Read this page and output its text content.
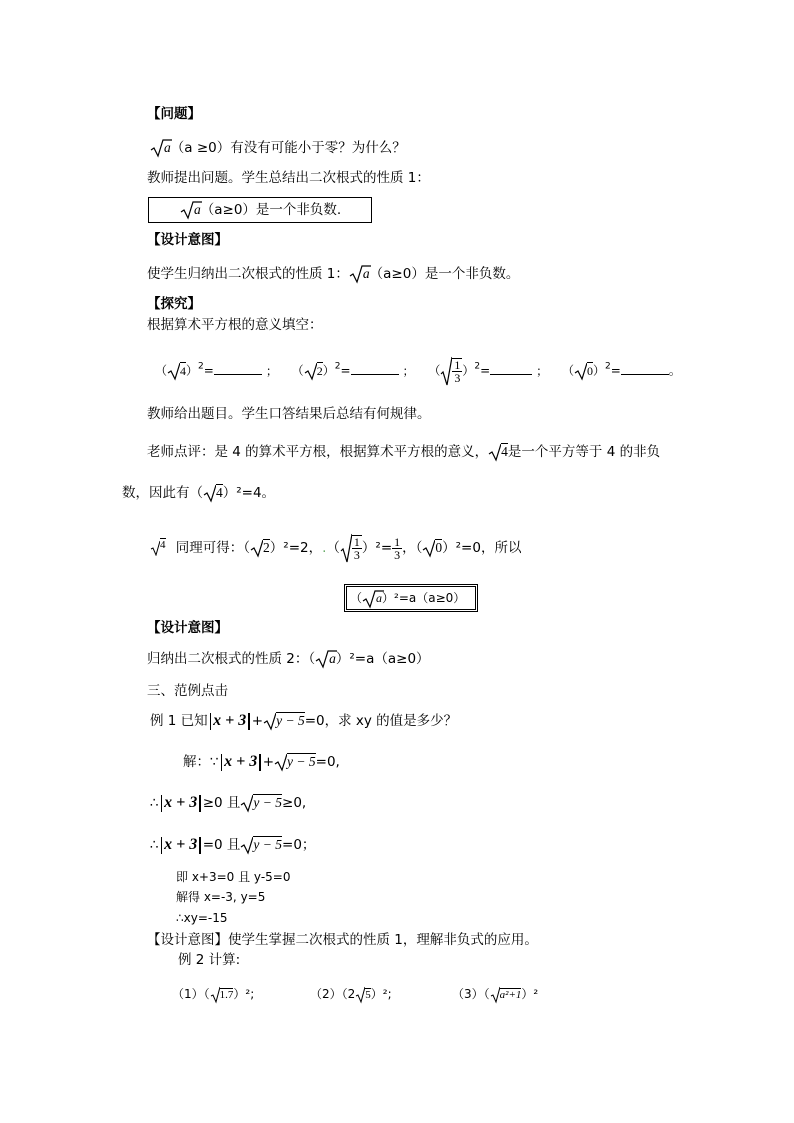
【问题】
a（a ≥0）有没有可能小于零？为什么？
教师提出问题。学生总结出二次根式的性质 1：
a（a≥0）是一个非负数.
【设计意图】
使学生归纳出二次根式的性质 1： a（a≥0）是一个非负数。
【探究】
根据算术平方根的意义填空：
（ 4）$^2$=	； （ 2）$^2$=	； （ $\frac{1}{3} )^2=$	； （ 0）$^2$=	。
教师给出题目。学生口答结果后总结有何规律。
老师点评：是 4 的算术平方根，根据算术平方根的意义， 4是一个平方等于 4 的非负
数，因此有（ 4）²=4。
$^4$ 同理可得：（ 2）²=2，.（ $\frac{1}{3} )^2= \frac{1}{3}$ ，（ 0）²=0，所以
（ a）²=a（a≥0）
【设计意图】
归纳出二次根式的性质 2：（ a）²=a（a≥0）
三、范例点击
例 1 已知 x + 3 + y − 5=0，求 xy 的值是多少？
解：∵ x + 3 + y − 5=0,
∴ x + 3 ≥0 且 y − 5≥0,
∴ x + 3 =0 且 y − 5=0；
即 x+3=0 且 y-5=0
解得 x=-3, y=5
∴xy=-15
【设计意图】使学生掌握二次根式的性质 1，理解非负式的应用。
例 2 计算:
（1）（ 1.7）²;	（2）（2 5）²;	（3）（ a²+1）²
